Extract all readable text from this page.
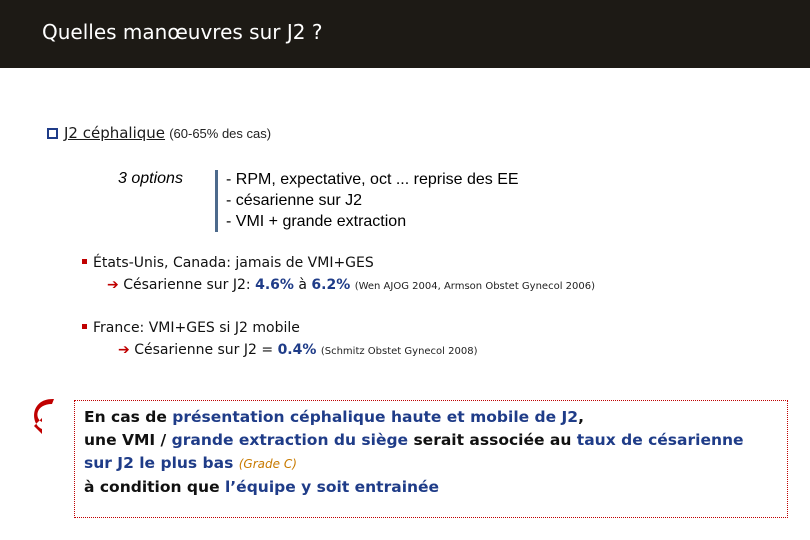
Quelles manœuvres sur J2 ?
J2 céphalique (60-65% des cas)
3 options	- RPM, expectative, oct ... reprise des EE
- césarienne sur J2
- VMI + grande extraction
États-Unis, Canada: jamais de VMI+GES
➔ Césarienne sur J2: 4.6% à 6.2% (Wen AJOG 2004, Armson Obstet Gynecol 2006)
France: VMI+GES si J2 mobile
➔ Césarienne sur J2 = 0.4% (Schmitz Obstet Gynecol 2008)
En cas de présentation céphalique haute et mobile de J2,
une VMI / grande extraction du siège serait associée au taux de césarienne
sur J2 le plus bas (Grade C)
à condition que l’équipe y soit entrainée
